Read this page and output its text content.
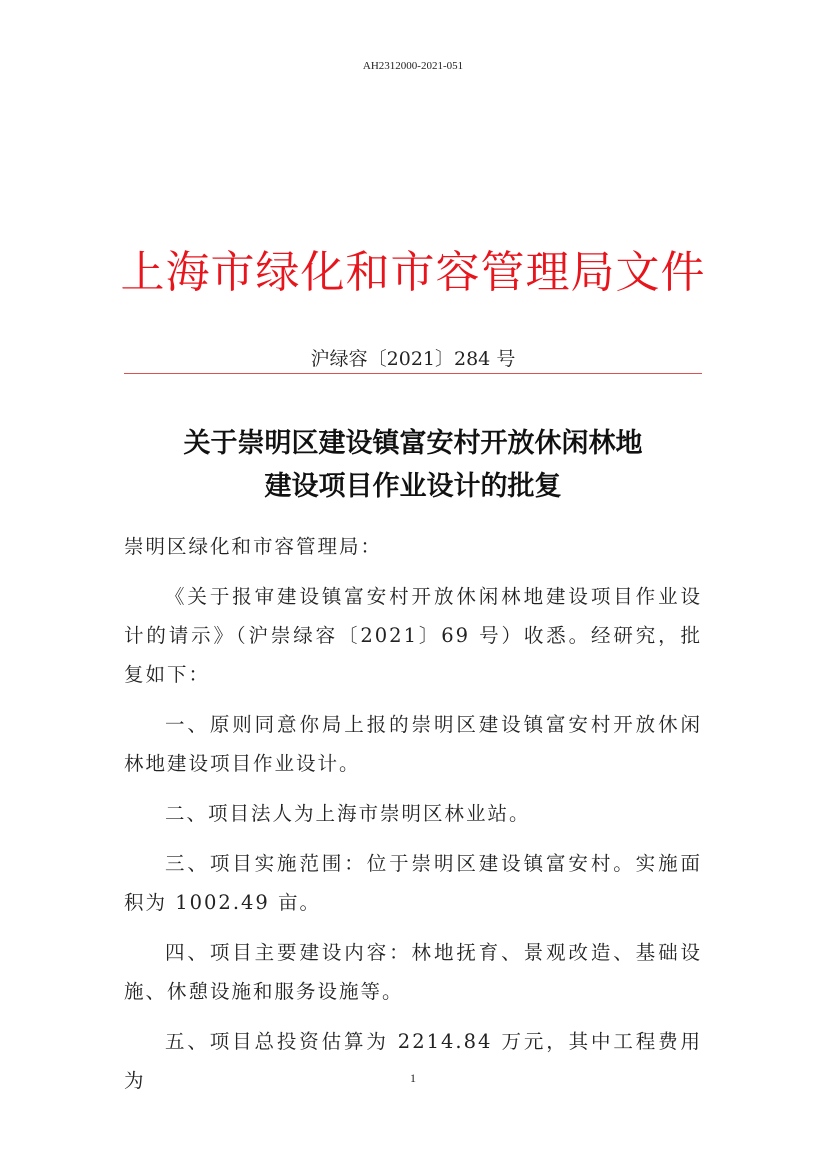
AH2312000-2021-051
上海市绿化和市容管理局文件
沪绿容〔2021〕284 号
关于崇明区建设镇富安村开放休闲林地
建设项目作业设计的批复

崇明区绿化和市容管理局：

《关于报审建设镇富安村开放休闲林地建设项目作业设计的请示》（沪崇绿容〔2021〕69 号）收悉。经研究，批复如下：

一、原则同意你局上报的崇明区建设镇富安村开放休闲林地建设项目作业设计。

二、项目法人为上海市崇明区林业站。

三、项目实施范围：位于崇明区建设镇富安村。实施面积为 1002.49 亩。

四、项目主要建设内容：林地抚育、景观改造、基础设施、休憩设施和服务设施等。

五、项目总投资估算为 2214.84 万元，其中工程费用为	1
